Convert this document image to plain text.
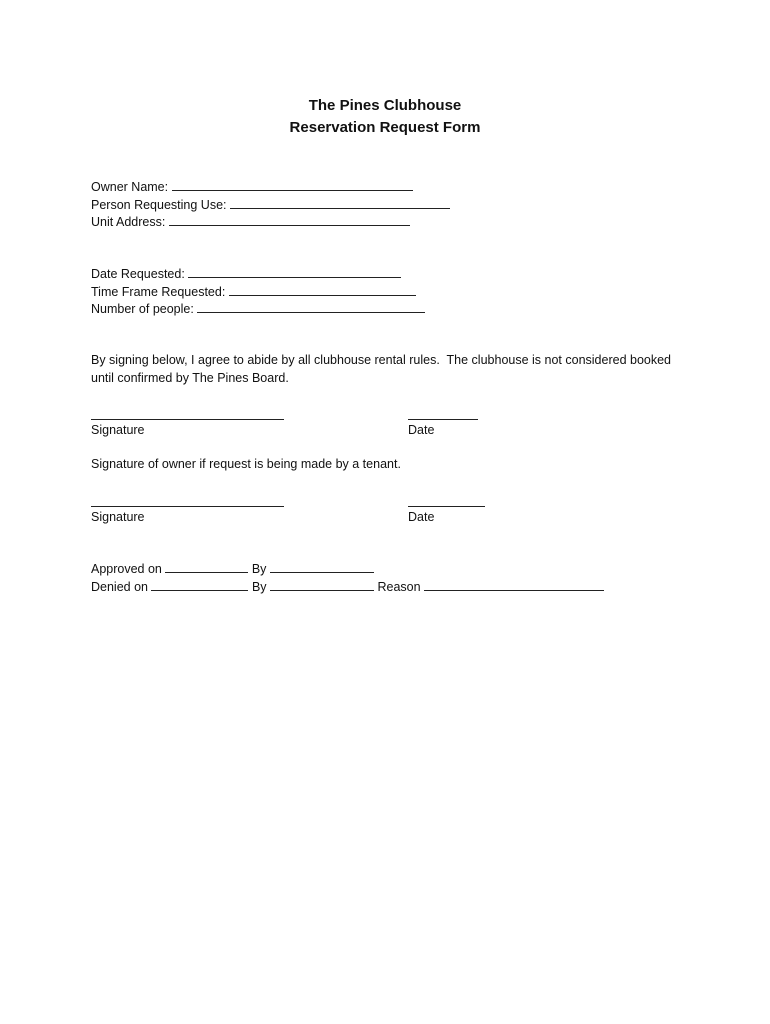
The Pines Clubhouse
Reservation Request Form
Owner Name:
Person Requesting Use:
Unit Address:
Date Requested:
Time Frame Requested:
Number of people:
By signing below, I agree to abide by all clubhouse rental rules.  The clubhouse is not considered booked
until confirmed by The Pines Board.
Signature	Date
Signature of owner if request is being made by a tenant.
Signature	Date
Approved on	By
Denied on	By	Reason
